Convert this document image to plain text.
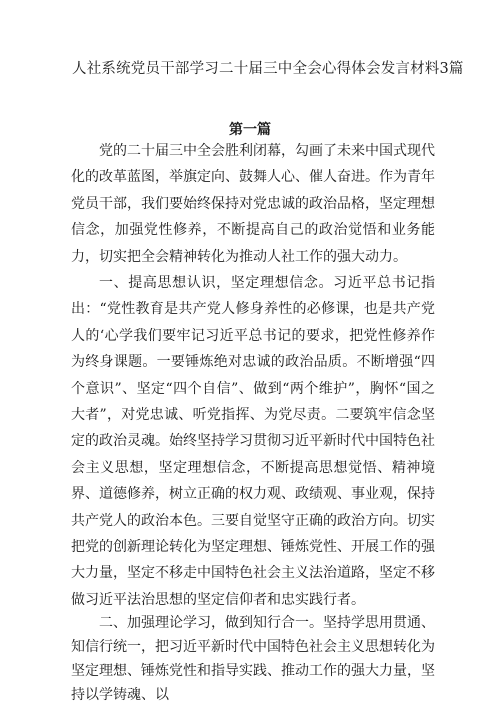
人社系统党员干部学习二十届三中全会心得体会发言材料3篇
第一篇

党的二十届三中全会胜利闭幕，勾画了未来中国式现代化的改革蓝图，举旗定向、鼓舞人心、催人奋进。作为青年党员干部，我们要始终保持对党忠诚的政治品格，坚定理想信念，加强党性修养，不断提高自己的政治觉悟和业务能力，切实把全会精神转化为推动人社工作的强大动力。

一、提高思想认识，坚定理想信念。习近平总书记指出：“党性教育是共产党人修身养性的必修课，也是共产党人的‘心学我们要牢记习近平总书记的要求，把党性修养作为终身课题。一要锤炼绝对忠诚的政治品质。不断增强“四个意识”、坚定“四个自信”、做到“两个维护”，胸怀“国之大者”，对党忠诚、听党指挥、为党尽责。二要筑牢信念坚定的政治灵魂。始终坚持学习贯彻习近平新时代中国特色社会主义思想，坚定理想信念，不断提高思想觉悟、精神境界、道德修养，树立正确的权力观、政绩观、事业观，保持共产党人的政治本色。三要自觉坚守正确的政治方向。切实把党的创新理论转化为坚定理想、锤炼党性、开展工作的强大力量，坚定不移走中国特色社会主义法治道路，坚定不移做习近平法治思想的坚定信仰者和忠实践行者。

二、加强理论学习，做到知行合一。坚持学思用贯通、知信行统一，把习近平新时代中国特色社会主义思想转化为坚定理想、锤炼党性和指导实践、推动工作的强大力量，坚持以学铸魂、以
